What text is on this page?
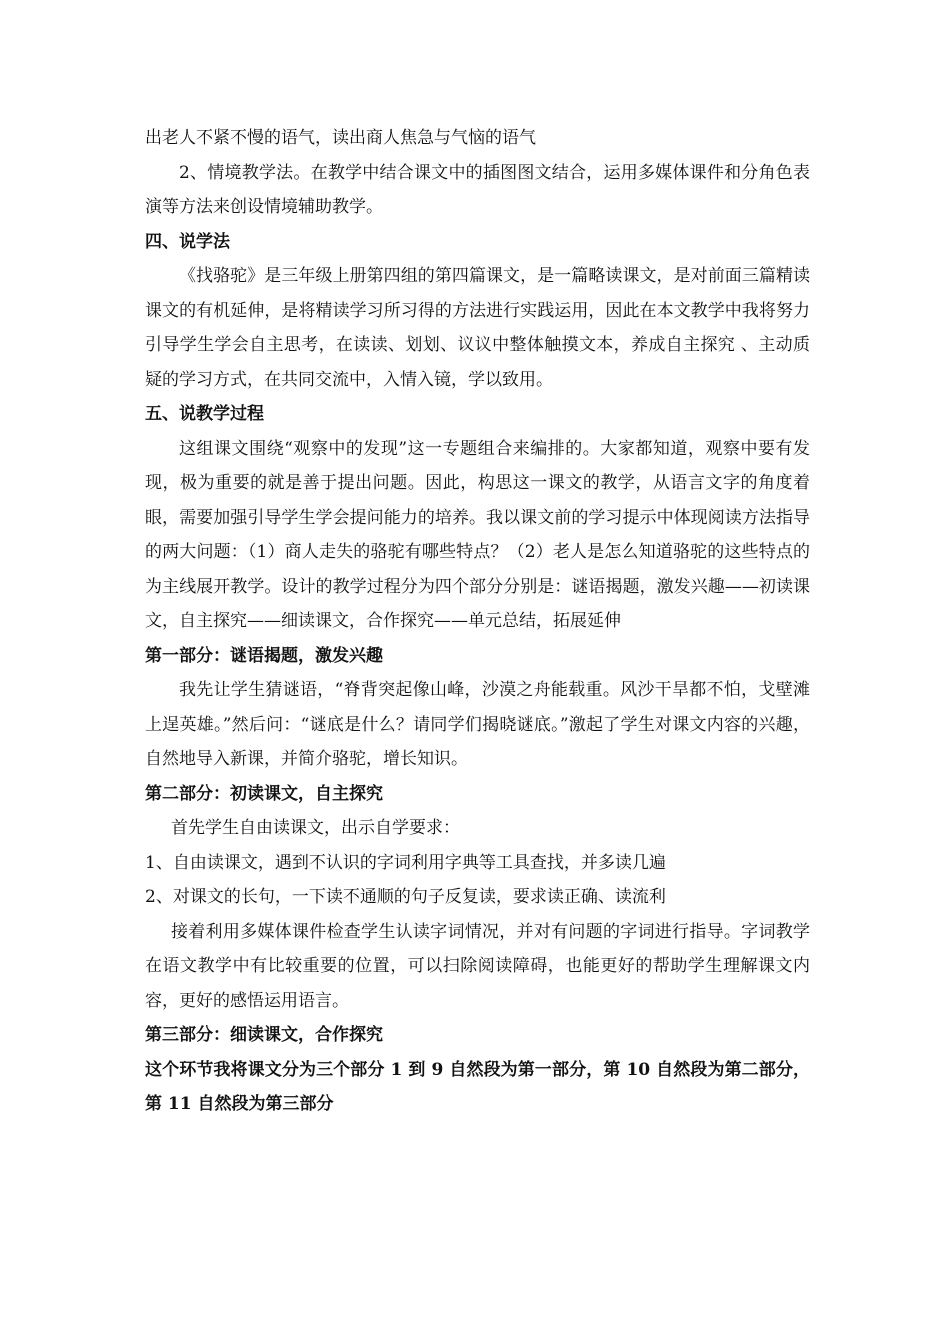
出老人不紧不慢的语气，读出商人焦急与气恼的语气

2、情境教学法。在教学中结合课文中的插图图文结合，运用多媒体课件和分角色表演等方法来创设情境辅助教学。

四、说学法

《找骆驼》是三年级上册第四组的第四篇课文，是一篇略读课文，是对前面三篇精读课文的有机延伸，是将精读学习所习得的方法进行实践运用，因此在本文教学中我将努力引导学生学会自主思考，在读读、划划、议议中整体触摸文本，养成自主探究 、主动质疑的学习方式，在共同交流中，入情入镜，学以致用。

五、说教学过程

这组课文围绕“观察中的发现”这一专题组合来编排的。大家都知道，观察中要有发现，极为重要的就是善于提出问题。因此，构思这一课文的教学，从语言文字的角度着眼，需要加强引导学生学会提问能力的培养。我以课文前的学习提示中体现阅读方法指导的两大问题：（1）商人走失的骆驼有哪些特点？（2）老人是怎么知道骆驼的这些特点的 为主线展开教学。设计的教学过程分为四个部分分别是：谜语揭题，激发兴趣——初读课文，自主探究——细读课文，合作探究——单元总结，拓展延伸

第一部分：谜语揭题，激发兴趣

我先让学生猜谜语，“脊背突起像山峰，沙漠之舟能载重。风沙干旱都不怕，戈壁滩上逞英雄。”然后问：“谜底是什么？请同学们揭晓谜底。”激起了学生对课文内容的兴趣，自然地导入新课，并简介骆驼，增长知识。

第二部分：初读课文，自主探究

首先学生自由读课文，出示自学要求：

1、自由读课文，遇到不认识的字词利用字典等工具查找，并多读几遍

2、对课文的长句，一下读不通顺的句子反复读，要求读正确、读流利

接着利用多媒体课件检查学生认读字词情况，并对有问题的字词进行指导。字词教学在语文教学中有比较重要的位置，可以扫除阅读障碍，也能更好的帮助学生理解课文内容，更好的感悟运用语言。

第三部分：细读课文，合作探究

这个环节我将课文分为三个部分 1 到 9 自然段为第一部分，第 10 自然段为第二部分，第 11 自然段为第三部分
